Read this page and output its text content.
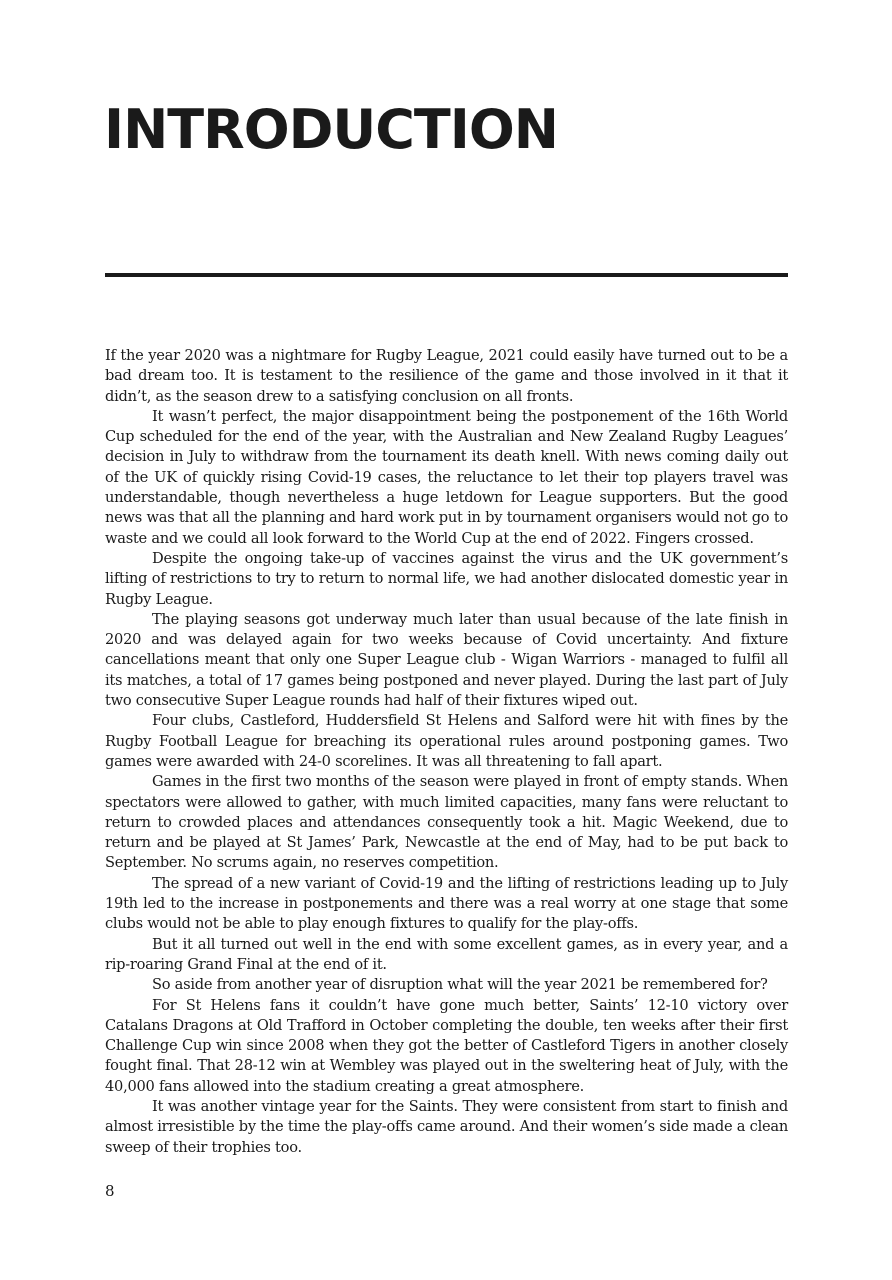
INTRODUCTION

If the year 2020 was a nightmare for Rugby League, 2021 could easily have turned out to be a bad dream too. It is testament to the resilience of the game and those involved in it that it didn’t, as the season drew to a satisfying conclusion on all fronts.

It wasn’t perfect, the major disappointment being the postponement of the 16th World Cup scheduled for the end of the year, with the Australian and New Zealand Rugby Leagues’ decision in July to withdraw from the tournament its death knell. With news coming daily out of the UK of quickly rising Covid-19 cases, the reluctance to let their top players travel was understandable, though nevertheless a huge letdown for League supporters. But the good news was that all the planning and hard work put in by tournament organisers would not go to waste and we could all look forward to the World Cup at the end of 2022. Fingers crossed.

Despite the ongoing take-up of vaccines against the virus and the UK government’s lifting of restrictions to try to return to normal life, we had another dislocated domestic year in Rugby League.

The playing seasons got underway much later than usual because of the late finish in 2020 and was delayed again for two weeks because of Covid uncertainty. And fixture cancellations meant that only one Super League club - Wigan Warriors - managed to fulfil all its matches, a total of 17 games being postponed and never played. During the last part of July two consecutive Super League rounds had half of their fixtures wiped out.

Four clubs, Castleford, Huddersfield St Helens and Salford were hit with fines by the Rugby Football League for breaching its operational rules around postponing games. Two games were awarded with 24-0 scorelines. It was all threatening to fall apart.

Games in the first two months of the season were played in front of empty stands. When spectators were allowed to gather, with much limited capacities, many fans were reluctant to return to crowded places and attendances consequently took a hit. Magic Weekend, due to return and be played at St James’ Park, Newcastle at the end of May, had to be put back to September. No scrums again, no reserves competition.

The spread of a new variant of Covid-19 and the lifting of restrictions leading up to July 19th led to the increase in postponements and there was a real worry at one stage that some clubs would not be able to play enough fixtures to qualify for the play-offs.

But it all turned out well in the end with some excellent games, as in every year, and a rip-roaring Grand Final at the end of it.

So aside from another year of disruption what will the year 2021 be remembered for?

For St Helens fans it couldn’t have gone much better, Saints’ 12-10 victory over Catalans Dragons at Old Trafford in October completing the double, ten weeks after their first Challenge Cup win since 2008 when they got the better of Castleford Tigers in another closely fought final. That 28-12 win at Wembley was played out in the sweltering heat of July, with the 40,000 fans allowed into the stadium creating a great atmosphere.

It was another vintage year for the Saints. They were consistent from start to finish and almost irresistible by the time the play-offs came around. And their women’s side made a clean sweep of their trophies too.

8
